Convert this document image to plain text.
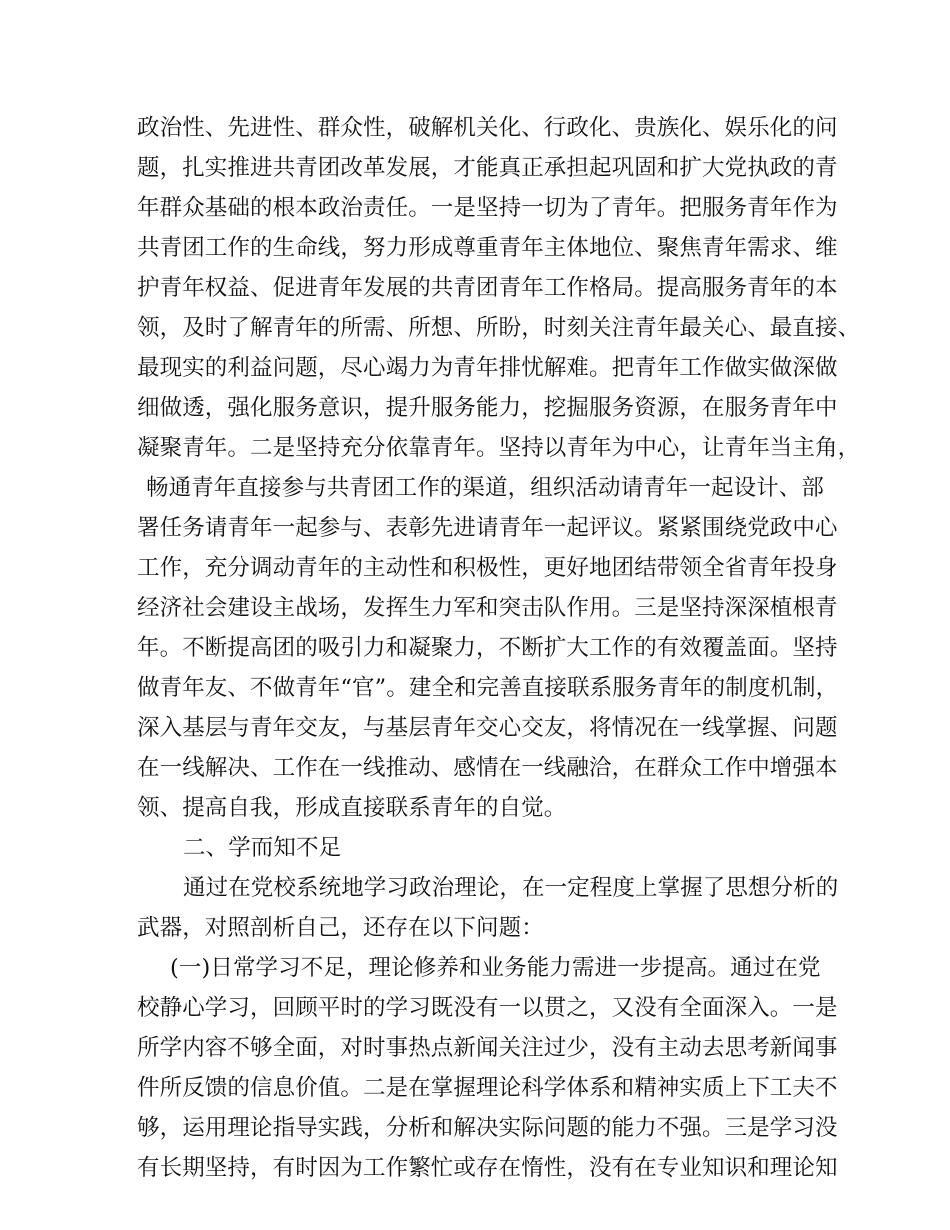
政治性、先进性、群众性，破解机关化、行政化、贵族化、娱乐化的问
题，扎实推进共青团改革发展，才能真正承担起巩固和扩大党执政的青
年群众基础的根本政治责任。一是坚持一切为了青年。把服务青年作为
共青团工作的生命线，努力形成尊重青年主体地位、聚焦青年需求、维
护青年权益、促进青年发展的共青团青年工作格局。提高服务青年的本
领，及时了解青年的所需、所想、所盼，时刻关注青年最关心、最直接、
最现实的利益问题，尽心竭力为青年排忧解难。把青年工作做实做深做
细做透，强化服务意识，提升服务能力，挖掘服务资源，在服务青年中
凝聚青年。二是坚持充分依靠青年。坚持以青年为中心，让青年当主角，
畅通青年直接参与共青团工作的渠道，组织活动请青年一起设计、部
署任务请青年一起参与、表彰先进请青年一起评议。紧紧围绕党政中心
工作，充分调动青年的主动性和积极性，更好地团结带领全省青年投身
经济社会建设主战场，发挥生力军和突击队作用。三是坚持深深植根青
年。不断提高团的吸引力和凝聚力，不断扩大工作的有效覆盖面。坚持
做青年友、不做青年“官”。建全和完善直接联系服务青年的制度机制，
深入基层与青年交友，与基层青年交心交友，将情况在一线掌握、问题
在一线解决、工作在一线推动、感情在一线融洽，在群众工作中增强本
领、提高自我，形成直接联系青年的自觉。
二、学而知不足
通过在党校系统地学习政治理论，在一定程度上掌握了思想分析的
武器，对照剖析自己，还存在以下问题：
(一)日常学习不足，理论修养和业务能力需进一步提高。通过在党
校静心学习，回顾平时的学习既没有一以贯之，又没有全面深入。一是
所学内容不够全面，对时事热点新闻关注过少，没有主动去思考新闻事
件所反馈的信息价值。二是在掌握理论科学体系和精神实质上下工夫不
够，运用理论指导实践，分析和解决实际问题的能力不强。三是学习没
有长期坚持，有时因为工作繁忙或存在惰性，没有在专业知识和理论知
